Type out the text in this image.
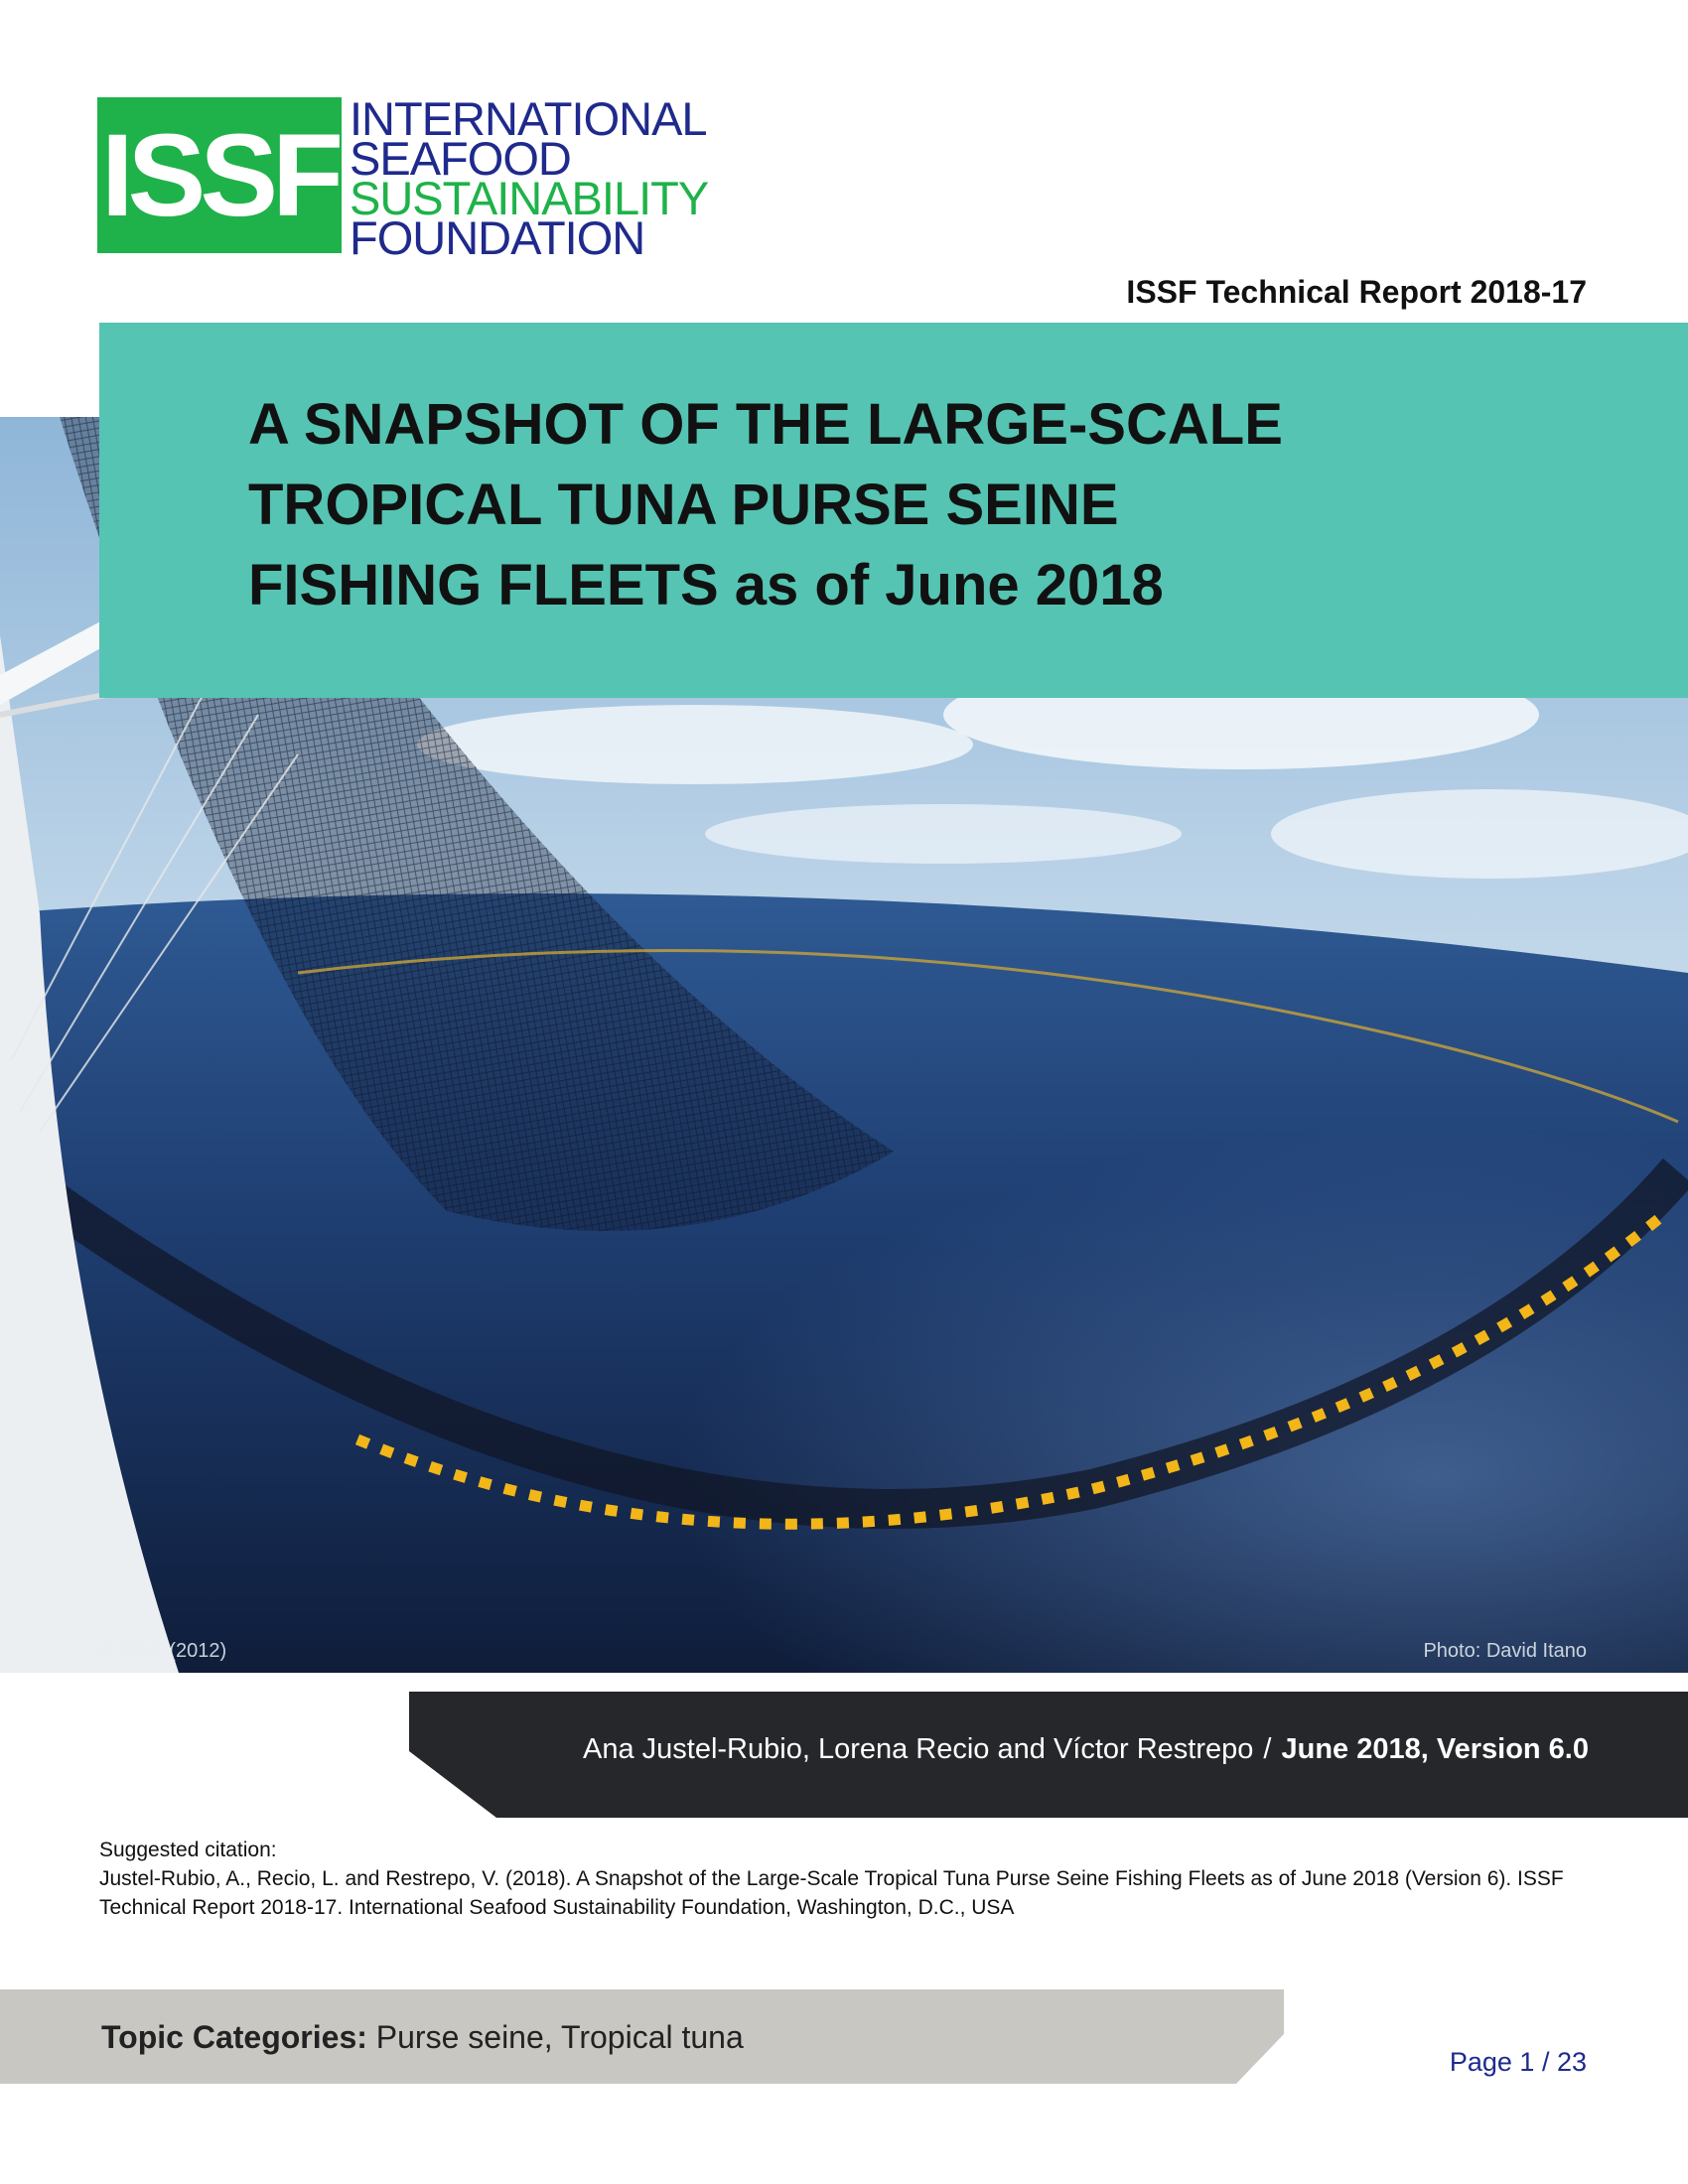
ISSF INTERNATIONAL
SEAFOOD
SUSTAINABILITY
FOUNDATION
ISSF Technical Report 2018-17
© ISSF (2012)	Photo: David Itano
A SNAPSHOT OF THE LARGE-SCALE
TROPICAL TUNA PURSE SEINE
FISHING FLEETS as of June 2018
Ana Justel-Rubio, Lorena Recio and Víctor Restrepo / June 2018, Version 6.0
Suggested citation:
Justel-Rubio, A., Recio, L. and Restrepo, V. (2018). A Snapshot of the Large-Scale Tropical Tuna Purse Seine Fishing Fleets as of June 2018 (Version 6). ISSF Technical Report 2018-17. International Seafood Sustainability Foundation, Washington, D.C., USA
Topic Categories: Purse seine, Tropical tuna
Page 1 / 23
